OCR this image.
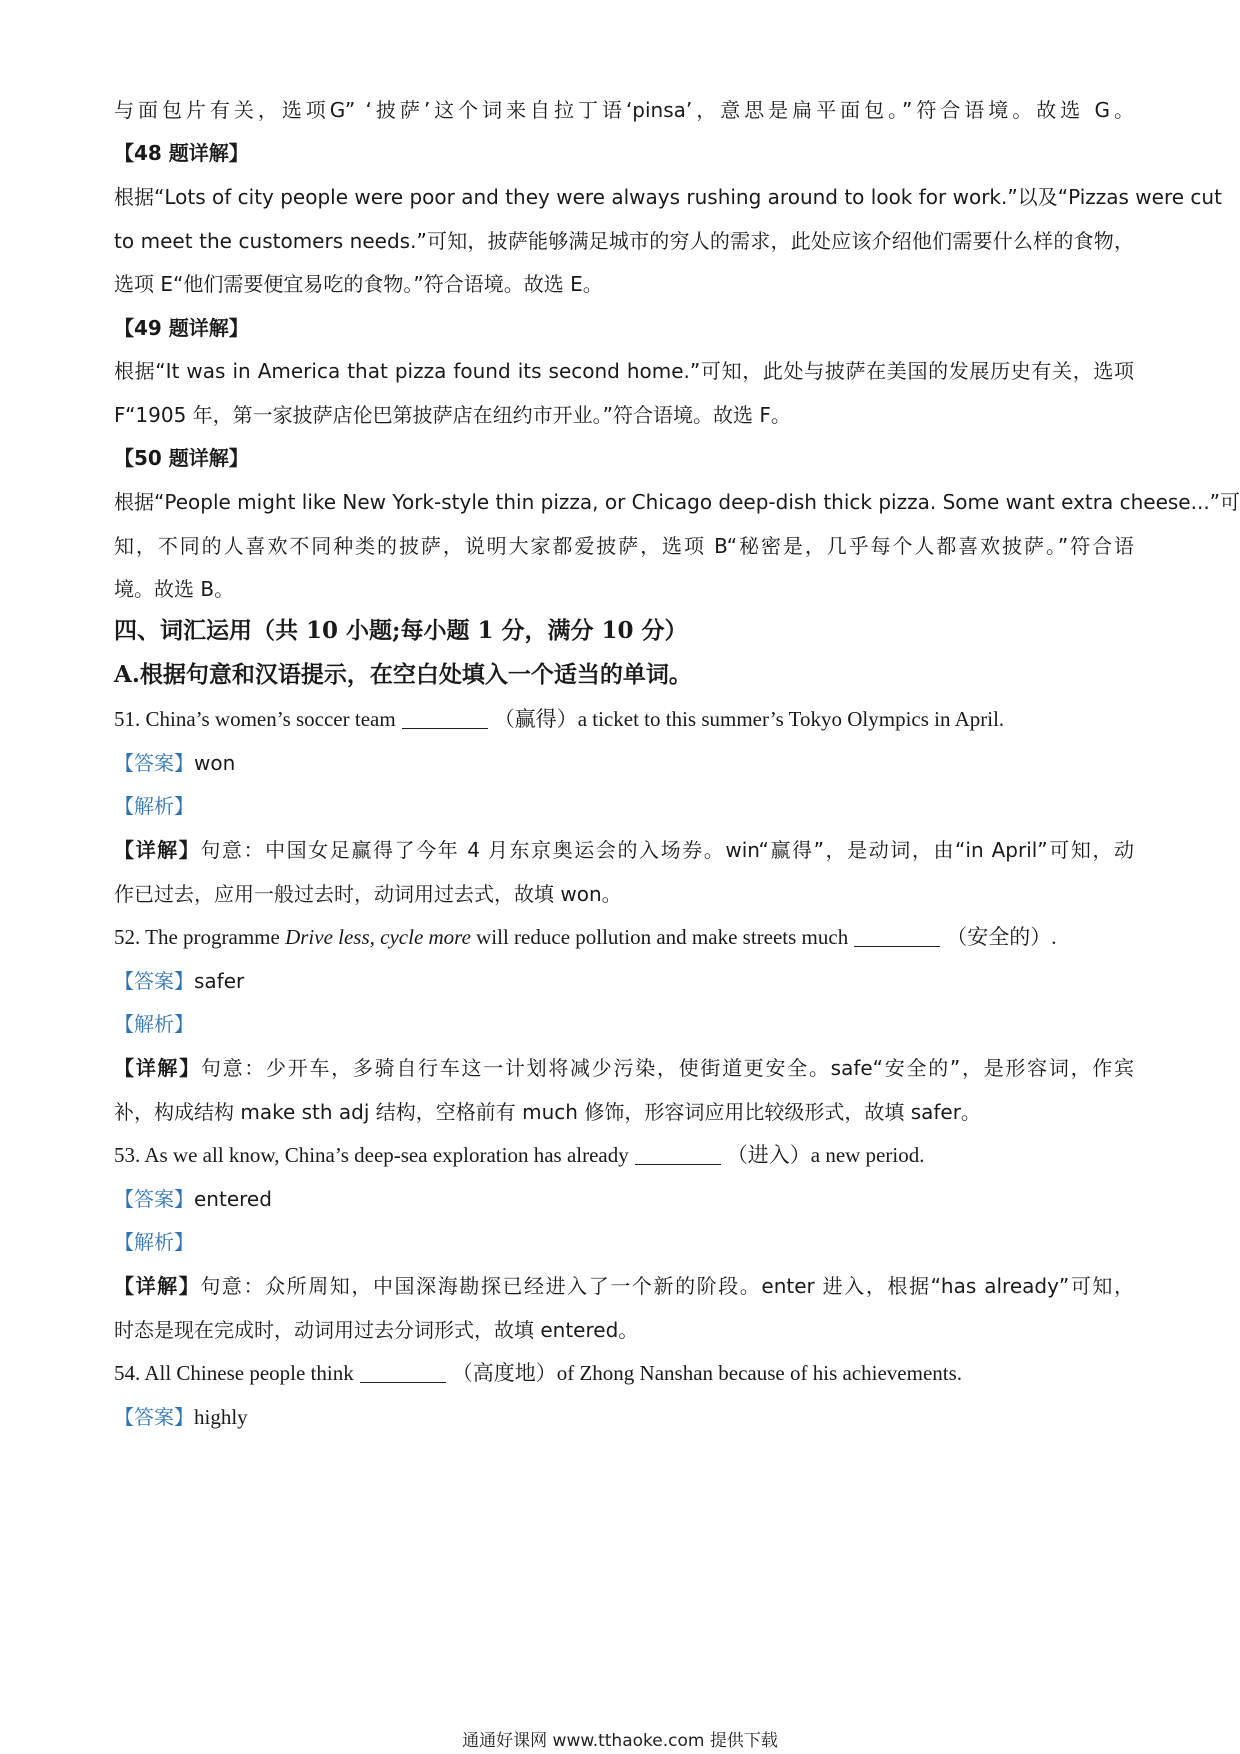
与面包片有关，选项G” ‘披萨’这个词来自拉丁语‘pinsa’，意思是扁平面包。”符合语境。故选 G。
【48 题详解】
根据“Lots of city people were poor and they were always rushing around to look for work.”以及“Pizzas were cut
to meet the customers needs.”可知，披萨能够满足城市的穷人的需求，此处应该介绍他们需要什么样的食物，
选项 E“他们需要便宜易吃的食物。”符合语境。故选 E。
【49 题详解】
根据“It was in America that pizza found its second home.”可知，此处与披萨在美国的发展历史有关，选项
F“1905 年，第一家披萨店伦巴第披萨店在纽约市开业。”符合语境。故选 F。
【50 题详解】
根据“People might like New York-style thin pizza, or Chicago deep-dish thick pizza. Some want extra cheese...”可
知，不同的人喜欢不同种类的披萨，说明大家都爱披萨，选项 B“秘密是，几乎每个人都喜欢披萨。”符合语
境。故选 B。
四、词汇运用（共 10 小题;每小题 1 分，满分 10 分）
A.根据句意和汉语提示，在空白处填入一个适当的单词。
51. China’s women’s soccer team	（赢得）a ticket to this summer’s Tokyo Olympics in April.
【答案】won
【解析】
【详解】句意：中国女足赢得了今年 4 月东京奥运会的入场券。win“赢得”，是动词，由“in April”可知，动
作已过去，应用一般过去时，动词用过去式，故填 won。
52. The programme Drive less, cycle more will reduce pollution and make streets much	（安全的）.
【答案】safer
【解析】
【详解】句意：少开车，多骑自行车这一计划将减少污染，使街道更安全。safe“安全的”，是形容词，作宾
补，构成结构 make sth adj 结构，空格前有 much 修饰，形容词应用比较级形式，故填 safer。
53. As we all know, China’s deep-sea exploration has already	（进入）a new period.
【答案】entered
【解析】
【详解】句意：众所周知，中国深海勘探已经进入了一个新的阶段。enter 进入，根据“has already”可知，
时态是现在完成时，动词用过去分词形式，故填 entered。
54. All Chinese people think	（高度地）of Zhong Nanshan because of his achievements.
【答案】highly
通通好课网 www.tthaoke.com 提供下载
